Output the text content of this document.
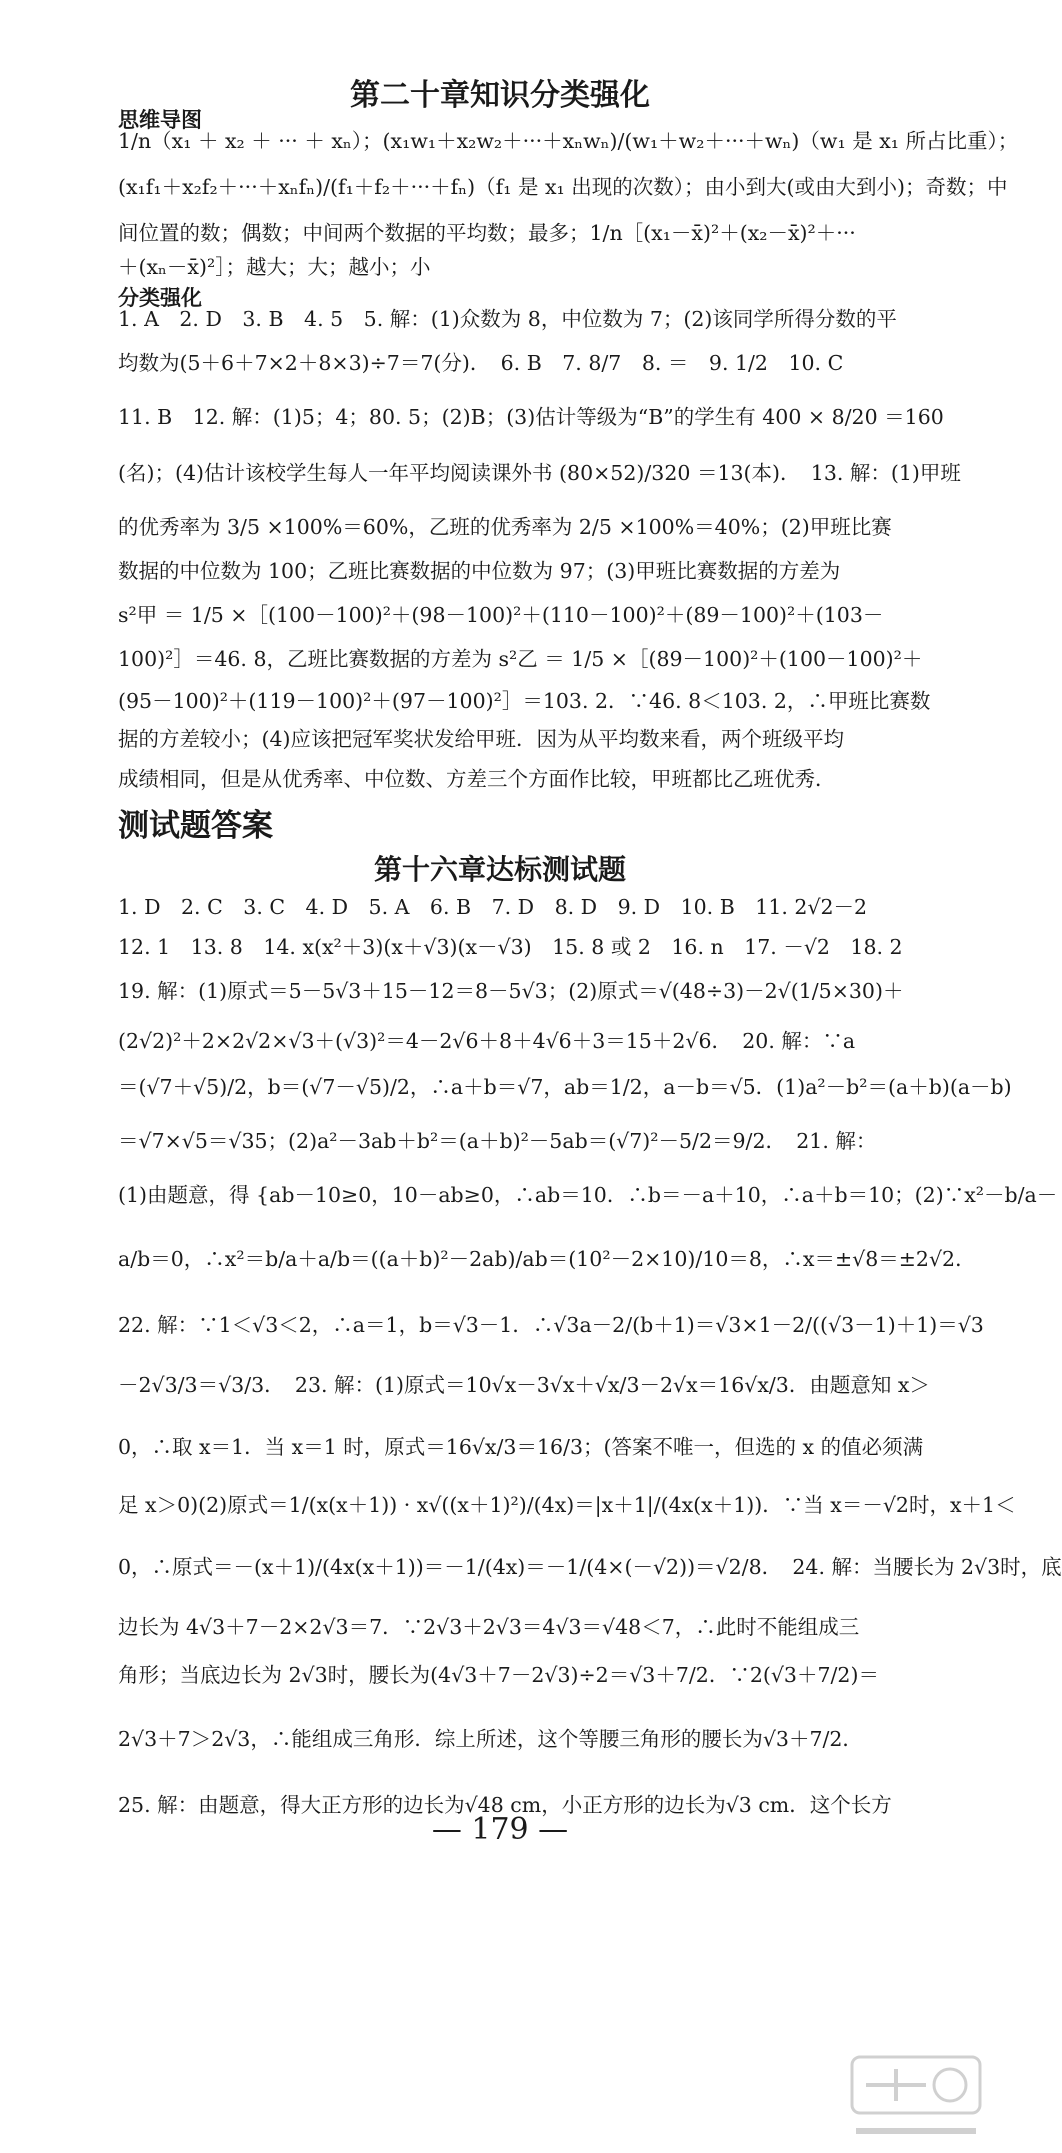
第二十章知识分类强化
思维导图
1/n（x₁ ＋ x₂ ＋ ··· ＋ xₙ）；(x₁w₁＋x₂w₂＋···＋xₙwₙ)/(w₁＋w₂＋···＋wₙ)（w₁ 是 x₁ 所占比重）；
(x₁f₁＋x₂f₂＋···＋xₙfₙ)/(f₁＋f₂＋···＋fₙ)（f₁ 是 x₁ 出现的次数）；由小到大(或由大到小)；奇数；中
间位置的数；偶数；中间两个数据的平均数；最多；1/n［(x₁－x̄)²＋(x₂－x̄)²＋···
＋(xₙ－x̄)²］；越大；大；越小；小
分类强化
1. A　2. D　3. B　4. 5　5. 解：(1)众数为 8，中位数为 7；(2)该同学所得分数的平
均数为(5＋6＋7×2＋8×3)÷7＝7(分)．　6. B　7. 8/7　8. ＝　9. 1/2　10. C
11. B　12. 解：(1)5；4；80. 5；(2)B；(3)估计等级为“B”的学生有 400 × 8/20 ＝160
(名)；(4)估计该校学生每人一年平均阅读课外书 (80×52)/320 ＝13(本)．　13. 解：(1)甲班
的优秀率为 3/5 ×100%＝60%，乙班的优秀率为 2/5 ×100%＝40%；(2)甲班比赛
数据的中位数为 100；乙班比赛数据的中位数为 97；(3)甲班比赛数据的方差为
s²甲 ＝ 1/5 ×［(100－100)²＋(98－100)²＋(110－100)²＋(89－100)²＋(103－
100)²］＝46. 8，乙班比赛数据的方差为 s²乙 ＝ 1/5 ×［(89－100)²＋(100－100)²＋
(95－100)²＋(119－100)²＋(97－100)²］＝103. 2．∵46. 8＜103. 2，∴甲班比赛数
据的方差较小；(4)应该把冠军奖状发给甲班．因为从平均数来看，两个班级平均
成绩相同，但是从优秀率、中位数、方差三个方面作比较，甲班都比乙班优秀．
测试题答案
第十六章达标测试题
1. D　2. C　3. C　4. D　5. A　6. B　7. D　8. D　9. D　10. B　11. 2√2－2
12. 1　13. 8　14. x(x²＋3)(x＋√3)(x－√3)　15. 8 或 2　16. n　17. －√2　18. 2
19. 解：(1)原式＝5－5√3＋15－12＝8－5√3；(2)原式＝√(48÷3)－2√(1/5×30)＋
(2√2)²＋2×2√2×√3＋(√3)²＝4－2√6＋8＋4√6＋3＝15＋2√6．　20. 解：∵a
＝(√7＋√5)/2，b＝(√7－√5)/2，∴a＋b＝√7，ab＝1/2，a－b＝√5．(1)a²－b²＝(a＋b)(a－b)
＝√7×√5＝√35；(2)a²－3ab＋b²＝(a＋b)²－5ab＝(√7)²－5/2＝9/2．　21. 解：
(1)由题意，得 {ab－10≥0，10－ab≥0，∴ab＝10．∴b＝－a＋10，∴a＋b＝10；(2)∵x²－b/a－
a/b＝0，∴x²＝b/a＋a/b＝((a＋b)²－2ab)/ab＝(10²－2×10)/10＝8，∴x＝±√8＝±2√2．
22. 解：∵1＜√3＜2，∴a＝1，b＝√3－1．∴√3a－2/(b＋1)＝√3×1－2/((√3－1)＋1)＝√3
－2√3/3＝√3/3．　23. 解：(1)原式＝10√x－3√x＋√x/3－2√x＝16√x/3．由题意知 x＞
0，∴取 x＝1．当 x＝1 时，原式＝16√x/3＝16/3；(答案不唯一，但选的 x 的值必须满
足 x＞0)(2)原式＝1/(x(x＋1)) · x√((x＋1)²)/(4x)＝|x＋1|/(4x(x＋1))．∵当 x＝－√2时，x＋1＜
0，∴原式＝－(x＋1)/(4x(x＋1))＝－1/(4x)＝－1/(4×(－√2))＝√2/8．　24. 解：当腰长为 2√3时，底
边长为 4√3＋7－2×2√3＝7．∵2√3＋2√3＝4√3＝√48＜7，∴此时不能组成三
角形；当底边长为 2√3时，腰长为(4√3＋7－2√3)÷2＝√3＋7/2．∵2(√3＋7/2)＝
2√3＋7＞2√3，∴能组成三角形．综上所述，这个等腰三角形的腰长为√3＋7/2．
25. 解：由题意，得大正方形的边长为√48 cm，小正方形的边长为√3 cm．这个长方
— 179 —
